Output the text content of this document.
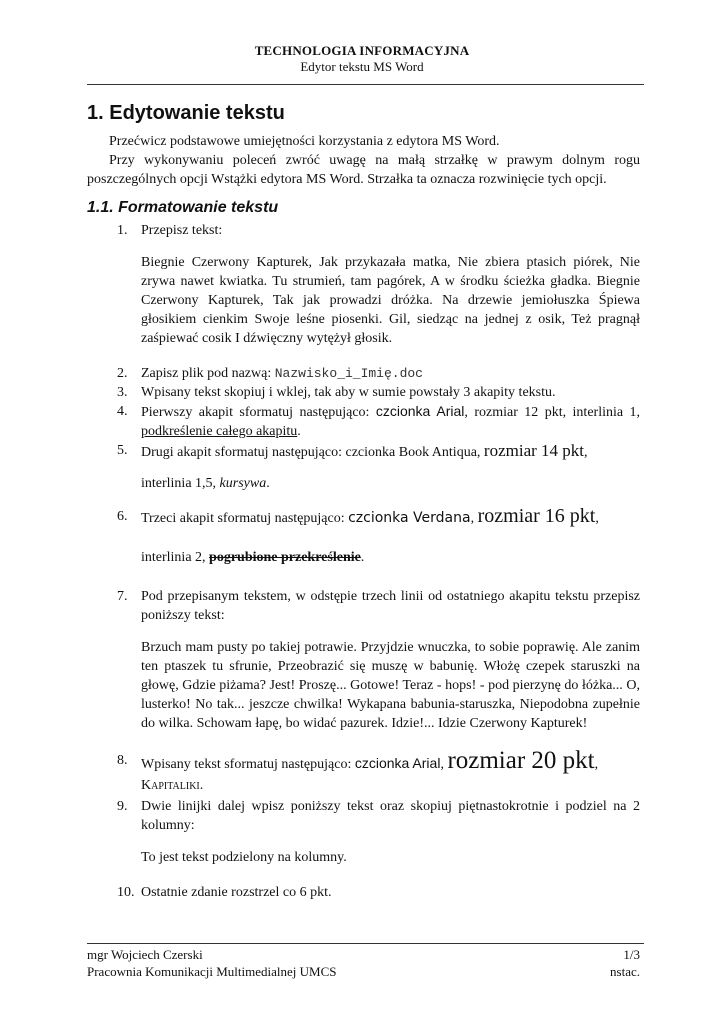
TECHNOLOGIA INFORMACYJNA
Edytor tekstu MS Word
1. Edytowanie tekstu

Przećwicz podstawowe umiejętności korzystania z edytora MS Word.

Przy wykonywaniu poleceń zwróć uwagę na małą strzałkę w prawym dolnym rogu poszczególnych opcji Wstążki edytora MS Word. Strzałka ta oznacza rozwinięcie tych opcji.

1.1. Formatowanie tekstu
1. Przepisz tekst:
Biegnie Czerwony Kapturek, Jak przykazała matka, Nie zbiera ptasich piórek, Nie zrywa nawet kwiatka. Tu strumień, tam pagórek, A w środku ścieżka gładka. Biegnie Czerwony Kapturek, Tak jak prowadzi dróżka. Na drzewie jemiołuszka Śpiewa głosikiem cienkim Swoje leśne piosenki. Gil, siedząc na jednej z osik, Też pragnął zaśpiewać cosik I dźwięczny wytężył głosik.
2. Zapisz plik pod nazwą: Nazwisko_i_Imię.doc
3. Wpisany tekst skopiuj i wklej, tak aby w sumie powstały 3 akapity tekstu.
4. Pierwszy akapit sformatuj następująco: czcionka Arial, rozmiar 12 pkt, interlinia 1, podkreślenie całego akapitu.
5. Drugi akapit sformatuj następująco: czcionka Book Antiqua, rozmiar 14 pkt,
interlinia 1,5, kursywa.
6. Trzeci akapit sformatuj następująco: czcionka Verdana, rozmiar 16 pkt,
interlinia 2, pogrubione przekreślenie.
7. Pod przepisanym tekstem, w odstępie trzech linii od ostatniego akapitu tekstu przepisz poniższy tekst:
Brzuch mam pusty po takiej potrawie. Przyjdzie wnuczka, to sobie poprawię. Ale zanim ten ptaszek tu sfrunie, Przeobrazić się muszę w babunię. Włożę czepek staruszki na głowę, Gdzie piżama? Jest! Proszę... Gotowe! Teraz - hops! - pod pierzynę do łóżka... O, lusterko! No tak... jeszcze chwilka! Wykapana babunia-staruszka, Niepodobna zupełnie do wilka. Schowam łapę, bo widać pazurek. Idzie!... Idzie Czerwony Kapturek!
8. Wpisany tekst sformatuj następująco: czcionka Arial, rozmiar 20 pkt,
Kapitaliki.
9. Dwie linijki dalej wpisz poniższy tekst oraz skopiuj piętnastokrotnie i podziel na 2 kolumny:
To jest tekst podzielony na kolumny.
10. Ostatnie zdanie rozstrzel co 6 pkt.
mgr Wojciech Czerski	1/3
Pracownia Komunikacji Multimedialnej UMCS	nstac.
